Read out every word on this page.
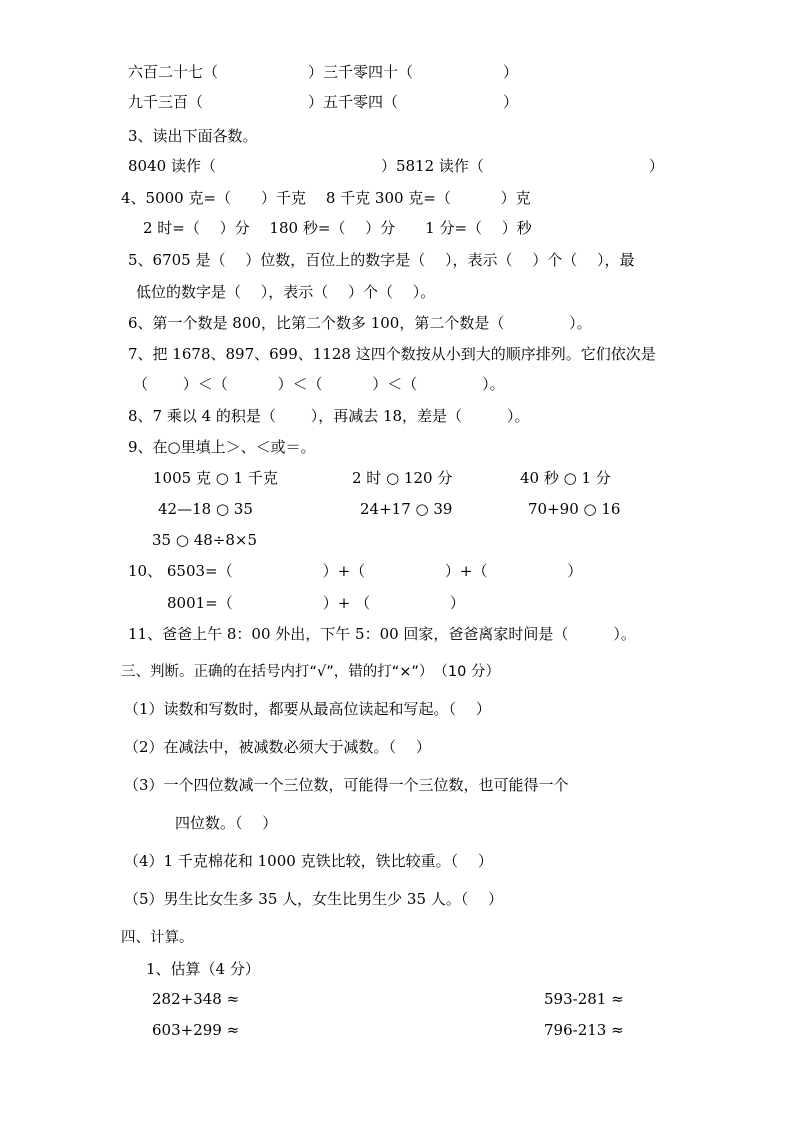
六百二十七（　　　　　　）三千零四十（　　　　　　）
九千三百（　　　　　　　）五千零四（　　　　　　　）
3、读出下面各数。
8040 读作（　　　　　　　　　　　）5812 读作（　　　　　　　　　　　）
4、5000 克=（　　）千克　 8 千克 300 克=（　　　 ）克
2 时=（　 ）分　 180 秒=（　 ）分　　1 分=（　 ）秒
5、6705 是（　 ）位数，百位上的数字是（　 ），表示（　 ）个（　 ），最
低位的数字是（　 ），表示（　 ）个（　 ）。
6、第一个数是 800，比第二个数多 100，第二个数是（　　　　 ）。
7、把 1678、897、699、1128 这四个数按从小到大的顺序排列。它们依次是
（　　 ）＜（　　　 ）＜（　　　 ）＜（　　　　 ）。
8、7 乘以 4 的积是（　　 ），再减去 18，差是（　　　）。
9、在○里填上＞、＜或＝。
1005 克 ○ 1 千克	2 时 ○ 120 分	40 秒 ○ 1 分
42—18 ○ 35	24+17 ○ 39	70+90 ○ 16
35 ○ 48÷8×5
10、 6503=（　　　　　　）+（　　　　　 ）+（　　　　　 ）
8001=（　　　　　　）+ （　　　　　 ）
11、爸爸上午 8：00 外出，下午 5：00 回家，爸爸离家时间是（　　　）。
三、判断。正确的在括号内打“√”，错的打“×”）　（10 分）
（1）读数和写数时，都要从最高位读起和写起。（　 ）
（2）在减法中，被减数必须大于减数。（　 ）
（3）一个四位数减一个三位数，可能得一个三位数，也可能得一个
四位数。（　 ）
（4）1 千克棉花和 1000 克铁比较，铁比较重。（　 ）
（5）男生比女生多 35 人，女生比男生少 35 人。（　 ）
四、计算。
1、估算（4 分）
282+348 ≈	593-281 ≈
603+299 ≈	796-213 ≈
